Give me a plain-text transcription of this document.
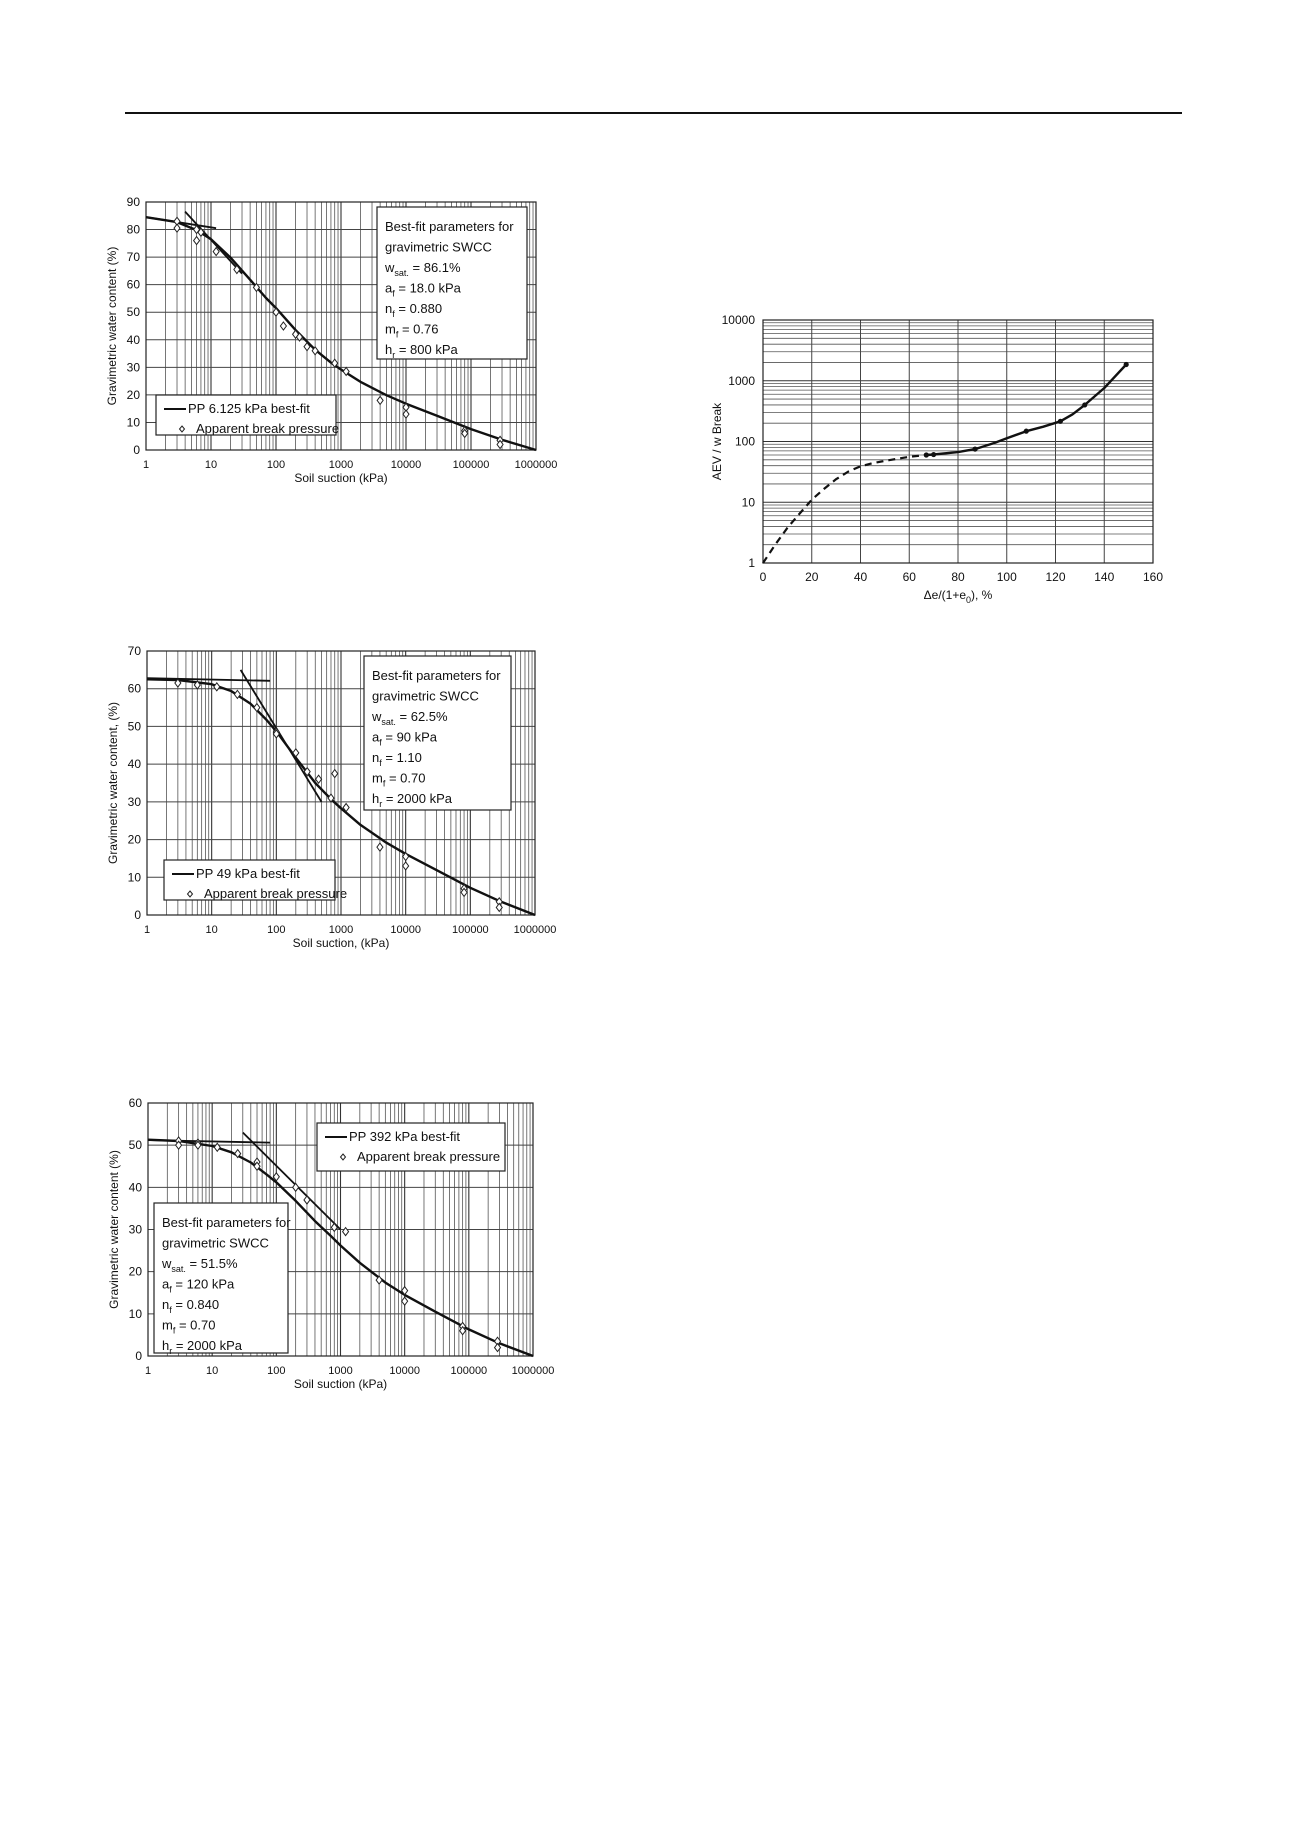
0
10
20
30
40
50
60
70
80
90
1	10	100	1000	10000	100000 1000000
Soil suction (kPa)
Gravimetric water content (%)
Best-fit parameters for
gravimetric SWCC
$w_{sat.} = 86.1\%$
$a_f = 18.0$ kPa
$n_f = 0.880$
$m_f = 0.76$
$h_r = 800$ kPa
PP 6.125 kPa best-fit
Apparent break pressure
0
10
20
30
40
50
60
70
1	10	100	1000	10000	100000 1000000
Soil suction, (kPa)
Gravimetric water content, (%)
Best-fit parameters for
gravimetric SWCC
$w_{sat.} = 62.5\%$
$a_f = 90$ kPa
$n_f = 1.10$
$m_f = 0.70$
$h_r = 2000$ kPa
PP 49 kPa best-fit
Apparent break pressure
0
10
20
30
40
50
60
1	10	100	1000	10000	100000 1000000
Soil suction (kPa)
Gravimetric water content (%)	Best-fit parameters for
gravimetric SWCC
$w_{sat.} = 51.5\%$
$a_f = 120$ kPa
$n_f = 0.840$
$m_f = 0.70$
$h_r = 2000$ kPa
PP 392 kPa best-fit
Apparent break pressure
0	20	40	60	80	100 120 140 160
1
10
100
1000
10000
$\Delta e/(1+e_0)$, %
AEV / w Break
